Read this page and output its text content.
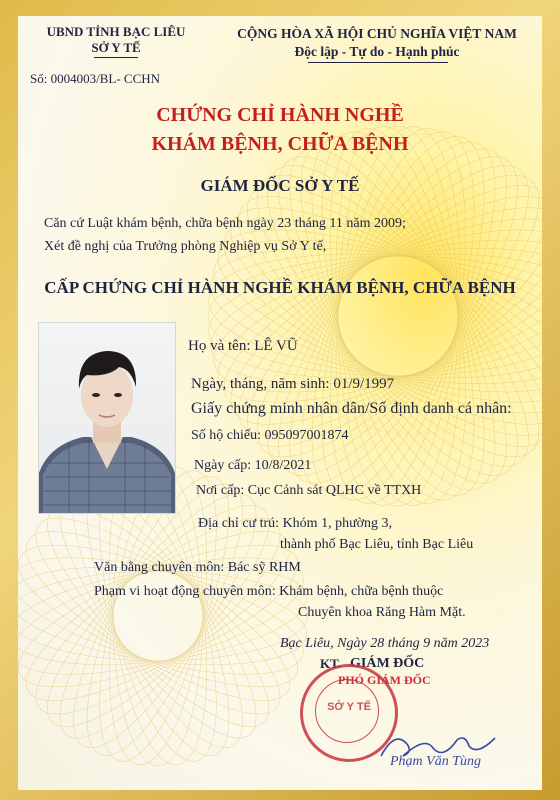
UBND TỈNH BẠC LIÊU
SỞ Y TẾ
Số: 0004003/BL- CCHN
CỘNG HÒA XÃ HỘI CHỦ NGHĨA VIỆT NAM
Độc lập - Tự do - Hạnh phúc
CHỨNG CHỈ HÀNH NGHỀ
KHÁM BỆNH, CHỮA BỆNH
GIÁM ĐỐC SỞ Y TẾ
Căn cứ Luật khám bệnh, chữa bệnh ngày 23 tháng 11 năm 2009;
Xét đề nghị của Trưởng phòng Nghiệp vụ Sở Y tế,
CẤP CHỨNG CHỈ HÀNH NGHỀ KHÁM BỆNH, CHỮA BỆNH
Họ và tên: LÊ VŨ
Ngày, tháng, năm sinh: 01/9/1997
Giấy chứng minh nhân dân/Số định danh cá nhân:
Số hộ chiếu: 095097001874
Ngày cấp: 10/8/2021
Nơi cấp: Cục Cảnh sát QLHC về TTXH
Địa chỉ cư trú: Khóm 1, phường 3,
thành phố Bạc Liêu, tỉnh Bạc Liêu
Văn bằng chuyên môn: Bác sỹ RHM
Phạm vi hoạt động chuyên môn: Khám bệnh, chữa bệnh thuộc
Chuyên khoa Răng Hàm Mặt.
Bạc Liêu, Ngày 28 tháng 9 năm 2023
KT. GIÁM ĐỐC
PHÓ GIÁM ĐỐC
SỞ Y TẾ
Phạm Văn Tùng
